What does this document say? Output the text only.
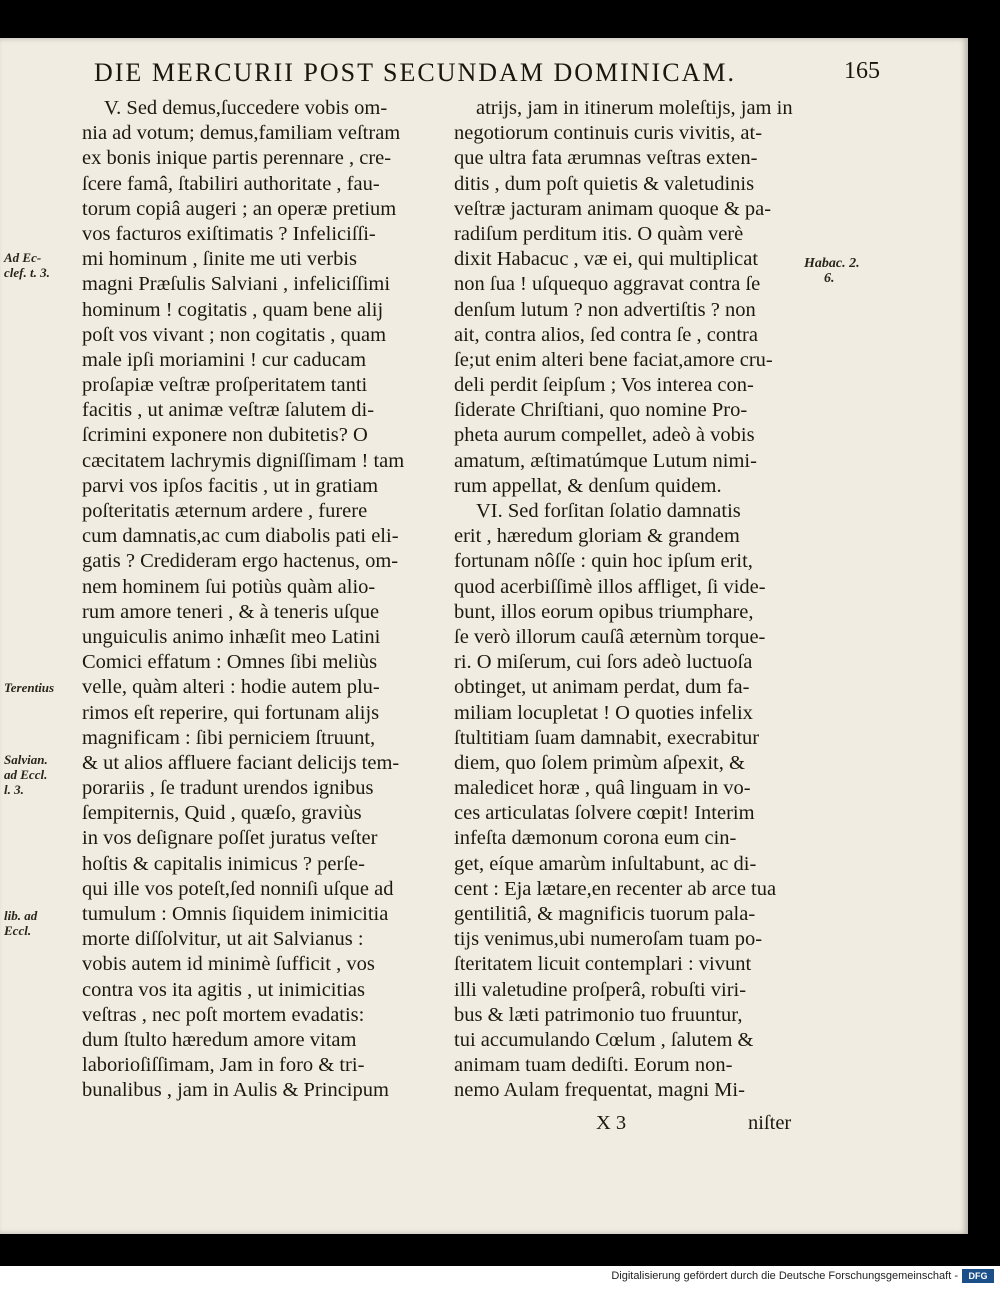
DIE MERCURII POST SECUNDAM DOMINICAM.	165
V. Sed demus,ſuccedere vobis om-
nia ad votum; demus,familiam veſtram
ex bonis inique partis perennare , cre-
ſcere famâ, ſtabiliri authoritate , fau-
torum copiâ augeri ; an operæ pretium
vos facturos exiſtimatis ? Infeliciſſi-
mi hominum , ſinite me uti verbis
magni Præſulis Salviani , infeliciſſimi
hominum ! cogitatis , quam bene alij
poſt vos vivant ; non cogitatis , quam
male ipſi moriamini ! cur caducam
proſapiæ veſtræ proſperitatem tanti
facitis , ut animæ veſtræ ſalutem di-
ſcrimini exponere non dubitetis? O
cæcitatem lachrymis digniſſimam ! tam
parvi vos ipſos facitis , ut in gratiam
poſteritatis æternum ardere , furere
cum damnatis,ac cum diabolis pati eli-
gatis ? Credideram ergo hactenus, om-
nem hominem ſui potiùs quàm alio-
rum amore teneri , & à teneris uſque
unguiculis animo inhæſit meo Latini
Comici effatum : Omnes ſibi meliùs
velle, quàm alteri : hodie autem plu-
rimos eſt reperire, qui fortunam alijs
magnificam : ſibi perniciem ſtruunt,
& ut alios affluere faciant delicijs tem-
porariis , ſe tradunt urendos ignibus
ſempiternis, Quid , quæſo, graviùs
in vos deſignare poſſet juratus veſter
hoſtis & capitalis inimicus ? perſe-
qui ille vos poteſt,ſed nonniſi uſque ad
tumulum : Omnis ſiquidem inimicitia
morte diſſolvitur, ut ait Salvianus :
vobis autem id minimè ſufficit , vos
contra vos ita agitis , ut inimicitias
veſtras , nec poſt mortem evadatis:
dum ſtulto hæredum amore vitam
laborioſiſſimam, Jam in foro & tri-
bunalibus , jam in Aulis & Principum
atrijs, jam in itinerum moleſtijs, jam in
negotiorum continuis curis vivitis, at-
que ultra fata ærumnas veſtras exten-
ditis , dum poſt quietis & valetudinis
veſtræ jacturam animam quoque & pa-
radiſum perditum itis. O quàm verè
dixit Habacuc , væ ei, qui multiplicat
non ſua ! uſquequo aggravat contra ſe
denſum lutum ? non advertiſtis ? non
ait, contra alios, ſed contra ſe , contra
ſe;ut enim alteri bene faciat,amore cru-
deli perdit ſeipſum ; Vos interea con-
ſiderate Chriſtiani, quo nomine Pro-
pheta aurum compellet, adeò à vobis
amatum, æſtimatúmque Lutum nimi-
rum appellat, & denſum quidem.
VI. Sed forſitan ſolatio damnatis
erit , hæredum gloriam & grandem
fortunam nôſſe : quin hoc ipſum erit,
quod acerbiſſimè illos affliget, ſi vide-
bunt, illos eorum opibus triumphare,
ſe verò illorum cauſâ æternùm torque-
ri. O miſerum, cui ſors adeò luctuoſa
obtinget, ut animam perdat, dum fa-
miliam locupletat ! O quoties infelix
ſtultitiam ſuam damnabit, execrabitur
diem, quo ſolem primùm aſpexit, &
maledicet horæ , quâ linguam in vo-
ces articulatas ſolvere cœpit! Interim
infeſta dæmonum corona eum cin-
get, eíque amarùm inſultabunt, ac di-
cent : Eja lætare,en recenter ab arce tua
gentilitiâ, & magnificis tuorum pala-
tijs venimus,ubi numeroſam tuam po-
ſteritatem licuit contemplari : vivunt
illi valetudine proſperâ, robuſti viri-
bus & læti patrimonio tuo fruuntur,
tui accumulando Cœlum , ſalutem &
animam tuam dediſti. Eorum non-
nemo Aulam frequentat, magni Mi-
Ad Ec-
clef. t. 3.
Terentius
Salvian.
ad Eccl.
l. 3.
lib. ad
Eccl.
Habac. 2.
6.
X 3	niſter
Digitalisierung gefördert durch die Deutsche Forschungsgemeinschaft -	DFG
